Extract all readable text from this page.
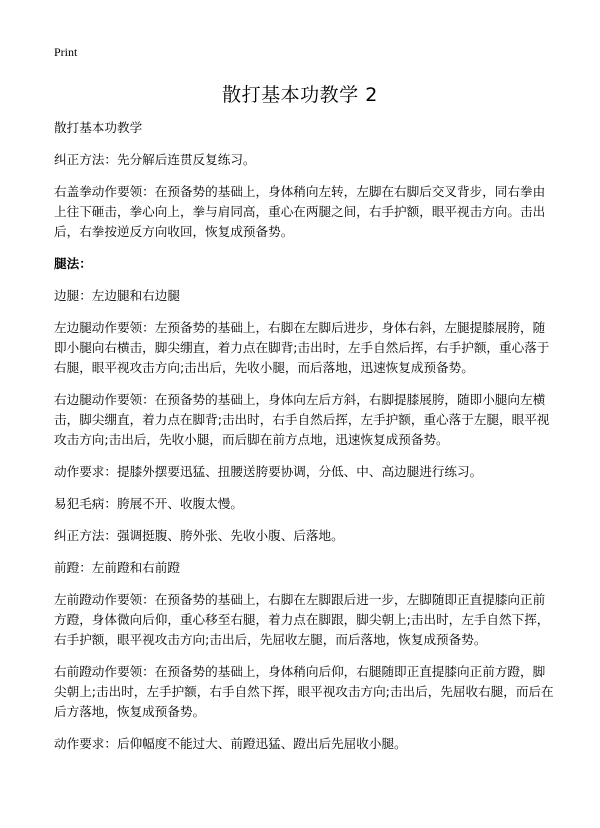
Print
散打基本功教学 2

散打基本功教学

纠正方法：先分解后连贯反复练习。

右盖拳动作要领：在预备势的基础上，身体稍向左转，左脚在右脚后交叉背步，同右拳由上往下砸击，拳心向上，拳与肩同高，重心在两腿之间，右手护额，眼平视击方向。击出后，右拳按逆反方向收回，恢复成预备势。

腿法：

边腿：左边腿和右边腿

左边腿动作要领：左预备势的基础上，右脚在左脚后进步，身体右斜，左腿提膝展胯，随即小腿向右横击，脚尖绷直，着力点在脚背;击出时，左手自然后挥，右手护额，重心落于右腿，眼平视攻击方向;击出后，先收小腿，而后落地，迅速恢复成预备势。

右边腿动作要领：在预备势的基础上，身体向左后方斜，右脚提膝展胯，随即小腿向左横击，脚尖绷直，着力点在脚背;击出时，右手自然后挥，左手护额，重心落于左腿，眼平视攻击方向;击出后，先收小腿，而后脚在前方点地，迅速恢复成预备势。

动作要求：提膝外摆要迅猛、扭腰送胯要协调，分低、中、高边腿进行练习。

易犯毛病：胯展不开、收腹太慢。

纠正方法：强调挺腹、胯外张、先收小腹、后落地。

前蹬：左前蹬和右前蹬

左前蹬动作要领：在预备势的基础上，右脚在左脚跟后进一步，左脚随即正直提膝向正前方蹬，身体微向后仰，重心移至右腿，着力点在脚跟，脚尖朝上;击出时，左手自然下挥，右手护额，眼平视攻击方向;击出后，先屈收左腿，而后落地，恢复成预备势。

右前蹬动作要领：在预备势的基础上，身体稍向后仰，右腿随即正直提膝向正前方蹬，脚尖朝上;击出时，左手护额，右手自然下挥，眼平视攻击方向;击出后，先屈收右腿，而后在后方落地，恢复成预备势。

动作要求：后仰幅度不能过大、前蹬迅猛、蹬出后先屈收小腿。
